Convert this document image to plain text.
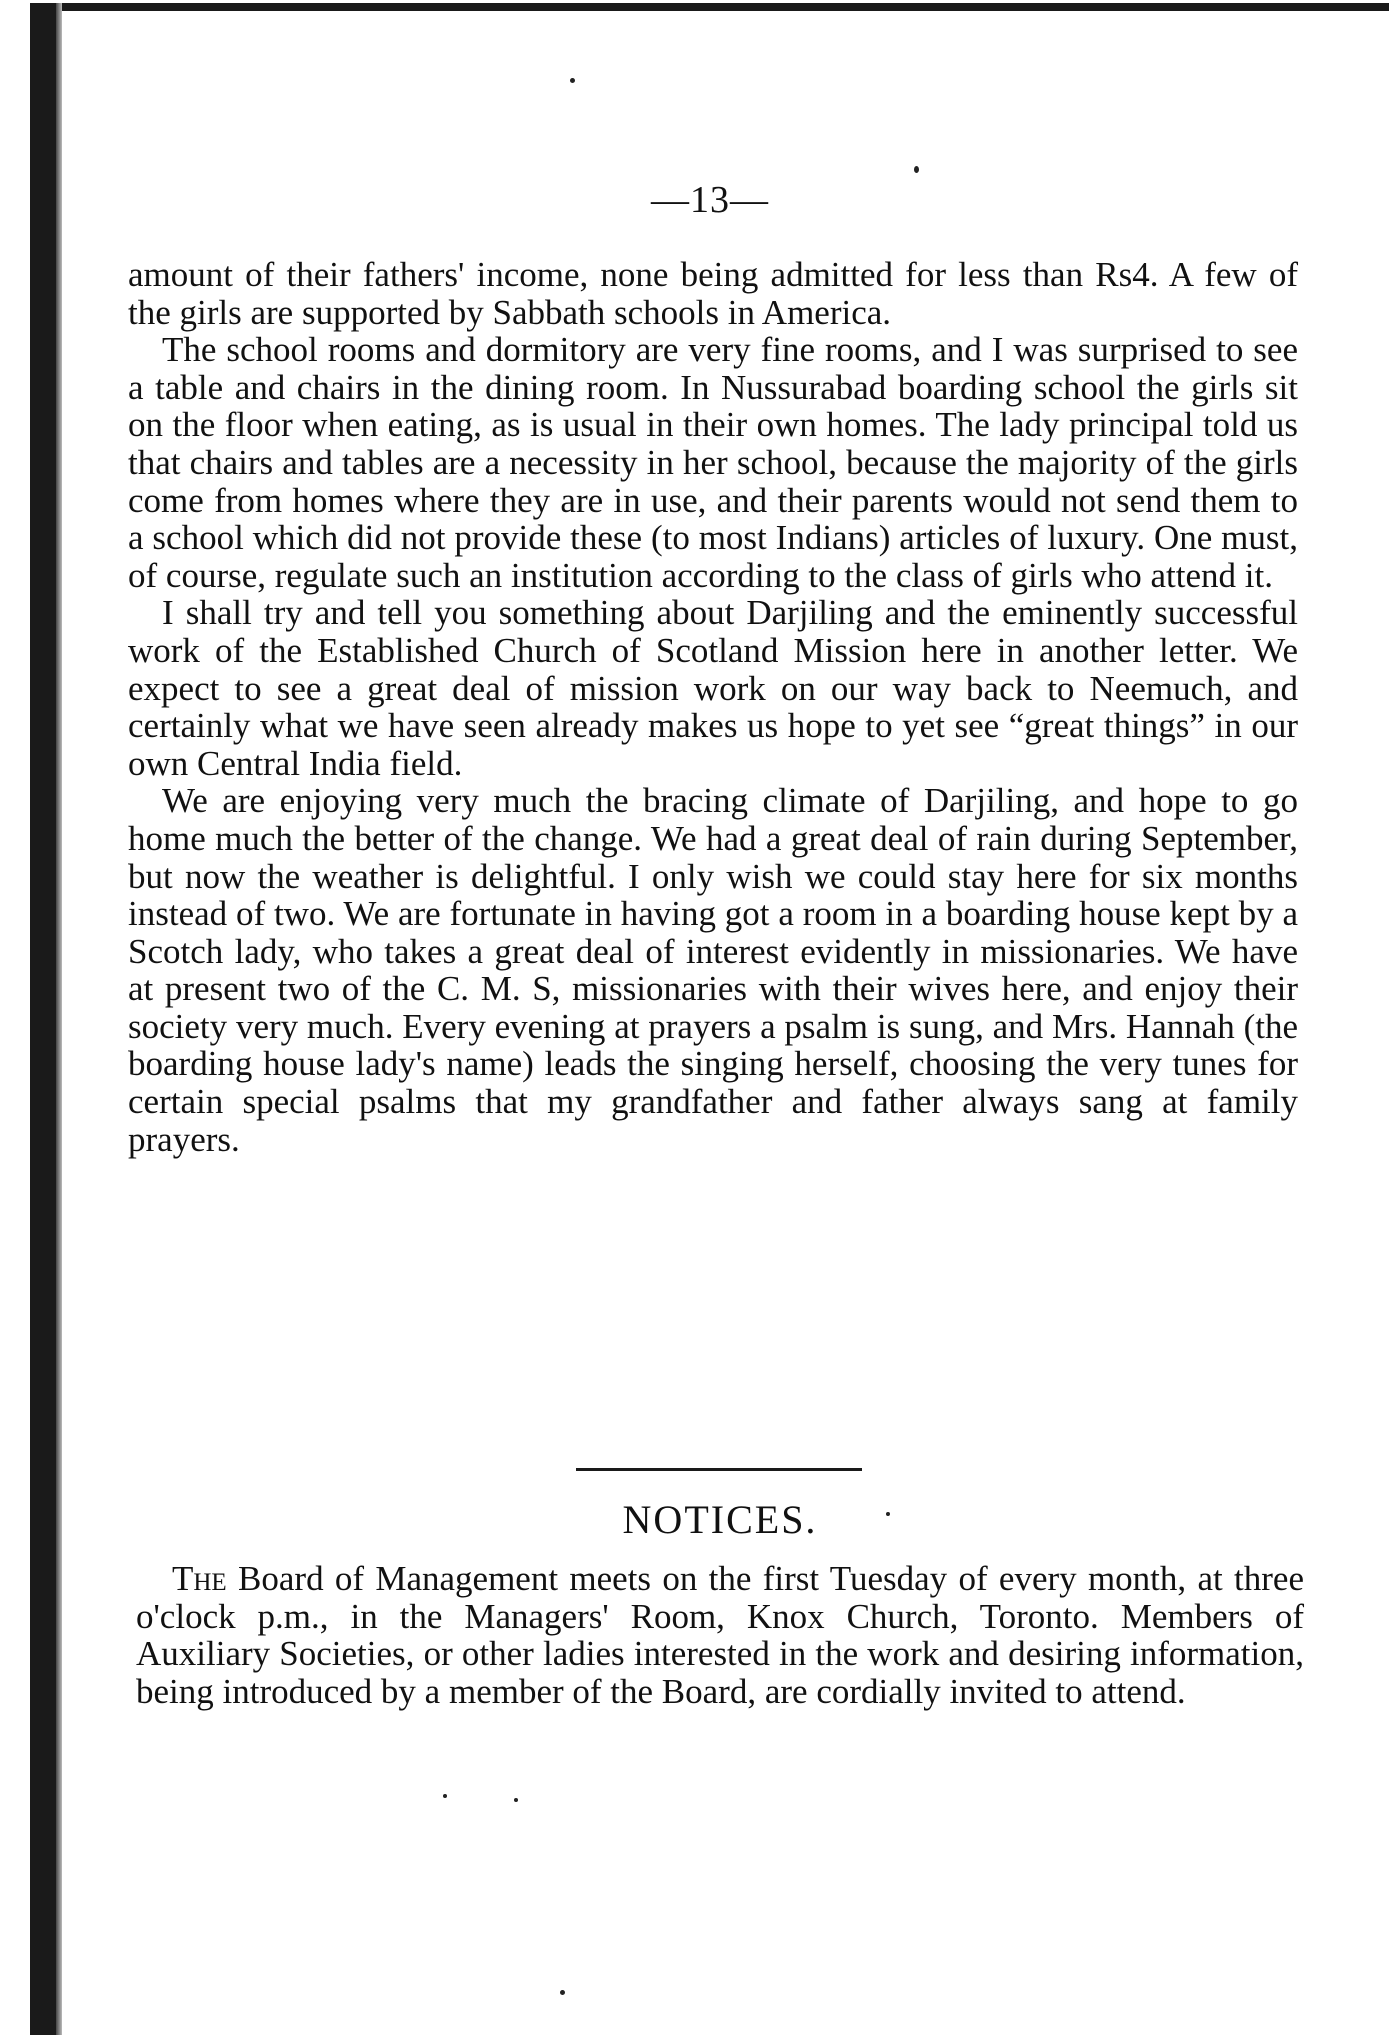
—13—

amount of their fathers' income, none being admitted for less than Rs4. A few of the girls are supported by Sabbath schools in America.

The school rooms and dormitory are very fine rooms, and I was surprised to see a table and chairs in the dining room. In Nussurabad boarding school the girls sit on the floor when eating, as is usual in their own homes. The lady principal told us that chairs and tables are a necessity in her school, because the majority of the girls come from homes where they are in use, and their parents would not send them to a school which did not provide these (to most Indians) articles of luxury. One must, of course, regulate such an institution according to the class of girls who attend it.

I shall try and tell you something about Darjiling and the eminently successful work of the Established Church of Scotland Mission here in another letter. We expect to see a great deal of mission work on our way back to Neemuch, and certainly what we have seen already makes us hope to yet see “great things” in our own Central India field.

We are enjoying very much the bracing climate of Darjiling, and hope to go home much the better of the change. We had a great deal of rain during September, but now the weather is delightful. I only wish we could stay here for six months instead of two. We are fortunate in having got a room in a boarding house kept by a Scotch lady, who takes a great deal of interest evidently in missionaries. We have at present two of the C. M. S, missionaries with their wives here, and enjoy their society very much. Every evening at prayers a psalm is sung, and Mrs. Hannah (the boarding house lady's name) leads the singing herself, choosing the very tunes for certain special psalms that my grandfather and father always sang at family prayers.

NOTICES.

The Board of Management meets on the first Tuesday of every month, at three o'clock p.m., in the Managers' Room, Knox Church, Toronto. Members of Auxiliary Societies, or other ladies interested in the work and desiring information, being introduced by a member of the Board, are cordially invited to attend.
